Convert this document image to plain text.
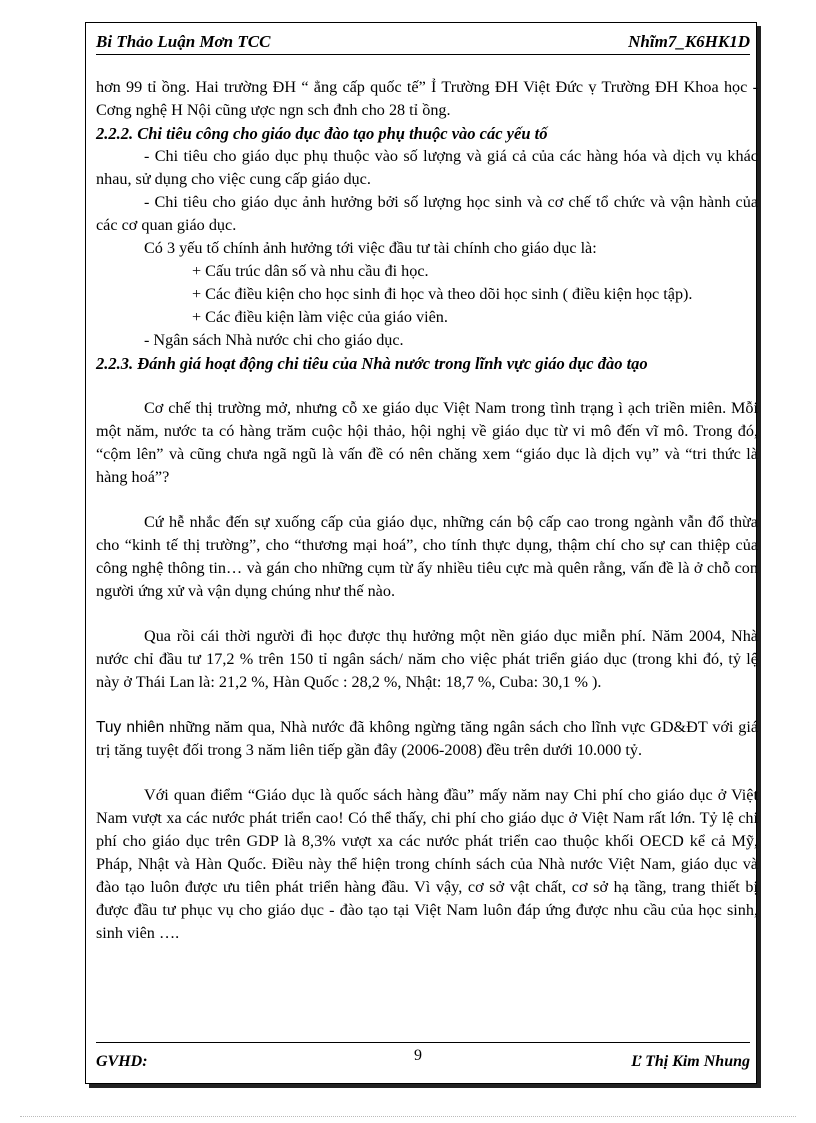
Bi Thảo Luận Mơn TCC	Nhĩm7_K6HK1D

hơn 99 tỉ ồng. Hai trường ĐH “ ẳng cấp quốc tế” Ỉ Trường ĐH Việt Đức ṿ Trường ĐH Khoa học - Cơng nghệ H Nội cũng ược ngn sch đnh cho 28 tỉ ồng.

2.2.2. Chi tiêu công cho giáo dục đào tạo phụ thuộc vào các yếu tố

- Chi tiêu cho giáo dục phụ thuộc vào số lượng và giá cả của các hàng hóa và dịch vụ khác nhau, sử dụng cho việc cung cấp giáo dục.

- Chi tiêu cho giáo dục ảnh hưởng bởi số lượng học sinh và cơ chế tổ chức và vận hành của các cơ quan giáo dục.

Có 3 yếu tố chính ảnh hưởng tới việc đầu tư tài chính cho giáo dục là:

+ Cấu trúc dân số và nhu cầu đi học.

+ Các điều kiện cho học sinh đi học và theo dõi học sinh ( điều kiện học tập).

+ Các điều kiện làm việc của giáo viên.

- Ngân sách Nhà nước chi cho giáo dục.

2.2.3. Đánh giá hoạt động chi tiêu của Nhà nước trong lĩnh vực giáo dục đào tạo

Cơ chế thị trường mở, nhưng cỗ xe giáo dục Việt Nam trong tình trạng ì ạch triền miên. Mỗi một năm, nước ta có hàng trăm cuộc hội thảo, hội nghị về giáo dục từ vi mô đến vĩ mô. Trong đó, “cộm lên” và cũng chưa ngã ngũ là vấn đề có nên chăng xem “giáo dục là dịch vụ” và “tri thức là hàng hoá”?

Cứ hễ nhắc đến sự xuống cấp của giáo dục, những cán bộ cấp cao trong ngành vẫn đổ thừa cho “kinh tế thị trường”, cho “thương mại hoá”, cho tính thực dụng, thậm chí cho sự can thiệp của công nghệ thông tin… và gán cho những cụm từ ấy nhiều tiêu cực mà quên rằng, vấn đề là ở chỗ con người ứng xử và vận dụng chúng như thế nào.

Qua rồi cái thời người đi học được thụ hưởng một nền giáo dục miễn phí. Năm 2004, Nhà nước chỉ đầu tư 17,2 % trên 150 tỉ ngân sách/ năm cho việc phát triển giáo dục (trong khi đó, tỷ lệ này ở Thái Lan là: 21,2 %, Hàn Quốc : 28,2 %, Nhật: 18,7 %, Cuba: 30,1 % ).

Tuy nhiên những năm qua, Nhà nước đã không ngừng tăng ngân sách cho lĩnh vực GD&ĐT với giá trị tăng tuyệt đối trong 3 năm liên tiếp gần đây (2006-2008) đều trên dưới 10.000 tỷ.

Với quan điểm “Giáo dục là quốc sách hàng đầu” mấy năm nay Chi phí cho giáo dục ở Việt Nam vượt xa các nước phát triển cao! Có thể thấy, chi phí cho giáo dục ở Việt Nam rất lớn. Tỷ lệ chi phí cho giáo dục trên GDP là 8,3% vượt xa các nước phát triển cao thuộc khối OECD kể cả Mỹ, Pháp, Nhật và Hàn Quốc. Điều này thể hiện trong chính sách của Nhà nước Việt Nam, giáo dục và đào tạo luôn được ưu tiên phát triển hàng đầu. Vì vậy, cơ sở vật chất, cơ sở hạ tầng, trang thiết bị được đầu tư phục vụ cho giáo dục - đào tạo tại Việt Nam luôn đáp ứng được nhu cầu của học sinh, sinh viên ….

GVHD:	9	Ľ Thị Kim Nhung
